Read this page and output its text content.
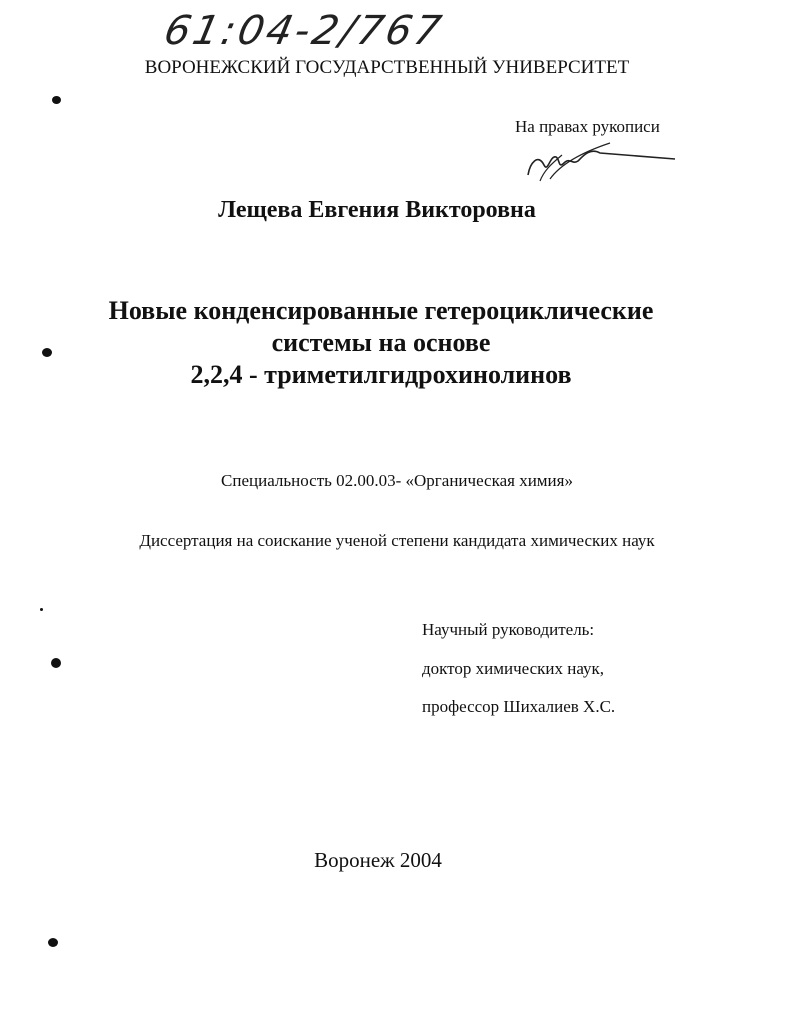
61:04-2/767
ВОРОНЕЖСКИЙ ГОСУДАРСТВЕННЫЙ УНИВЕРСИТЕТ
На правах рукописи
Лещева Евгения Викторовна
Новые конденсированные гетероциклические
системы на основе
2,2,4 - триметилгидрохинолинов
Специальность 02.00.03- «Органическая химия»
Диссертация на соискание ученой степени кандидата химических наук
Научный руководитель:
доктор химических наук,
профессор Шихалиев Х.С.
Воронеж 2004
